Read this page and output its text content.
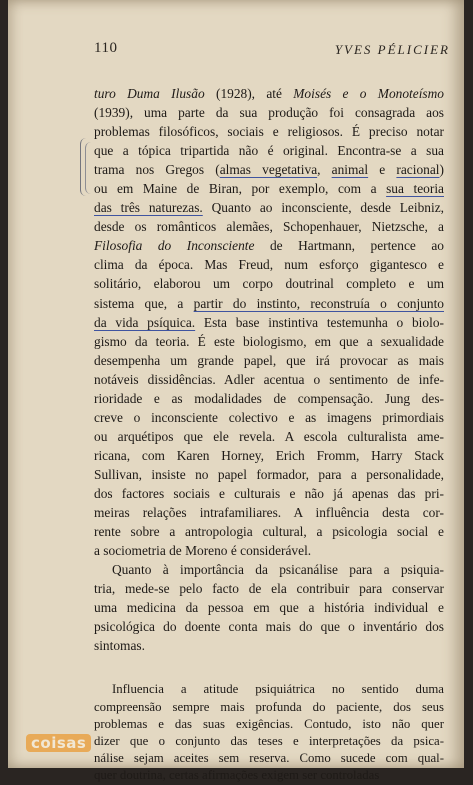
110	YVES PÉLICIER
turo Duma Ilusão (1928), até Moisés e o Monoteísmo
(1939), uma parte da sua produção foi consagrada aos
problemas filosóficos, sociais e religiosos. É preciso notar
que a tópica tripartida não é original. Encontra-se a sua
trama nos Gregos (almas vegetativa, animal e racional)
ou em Maine de Biran, por exemplo, com a sua teoria
das três naturezas. Quanto ao inconsciente, desde Leibniz,
desde os românticos alemães, Schopenhauer, Nietzsche, a
Filosofia do Inconsciente de Hartmann, pertence ao
clima da época. Mas Freud, num esforço gigantesco e
solitário, elaborou um corpo doutrinal completo e um
sistema que, a partir do instinto, reconstruía o conjunto
da vida psíquica. Esta base instintiva testemunha o biolo-
gismo da teoria. É este biologismo, em que a sexualidade
desempenha um grande papel, que irá provocar as mais
notáveis dissidências. Adler acentua o sentimento de infe-
rioridade e as modalidades de compensação. Jung des-
creve o inconsciente colectivo e as imagens primordiais
ou arquétipos que ele revela. A escola culturalista ame-
ricana, com Karen Horney, Erich Fromm, Harry Stack
Sullivan, insiste no papel formador, para a personalidade,
dos factores sociais e culturais e não já apenas das pri-
meiras relações intrafamiliares. A influência desta cor-
rente sobre a antropologia cultural, a psicologia social e
a sociometria de Moreno é considerável.
Quanto à importância da psicanálise para a psiquia-
tria, mede-se pelo facto de ela contribuir para conservar
uma medicina da pessoa em que a história individual e
psicológica do doente conta mais do que o inventário dos
sintomas.
Influencia a atitude psiquiátrica no sentido duma
compreensão sempre mais profunda do paciente, dos seus
problemas e das suas exigências. Contudo, isto não quer
dizer que o conjunto das teses e interpretações da psica-
nálise sejam aceites sem reserva. Como sucede com qual-
quer doutrina, certas afirmações exigem ser controladas
coisas
